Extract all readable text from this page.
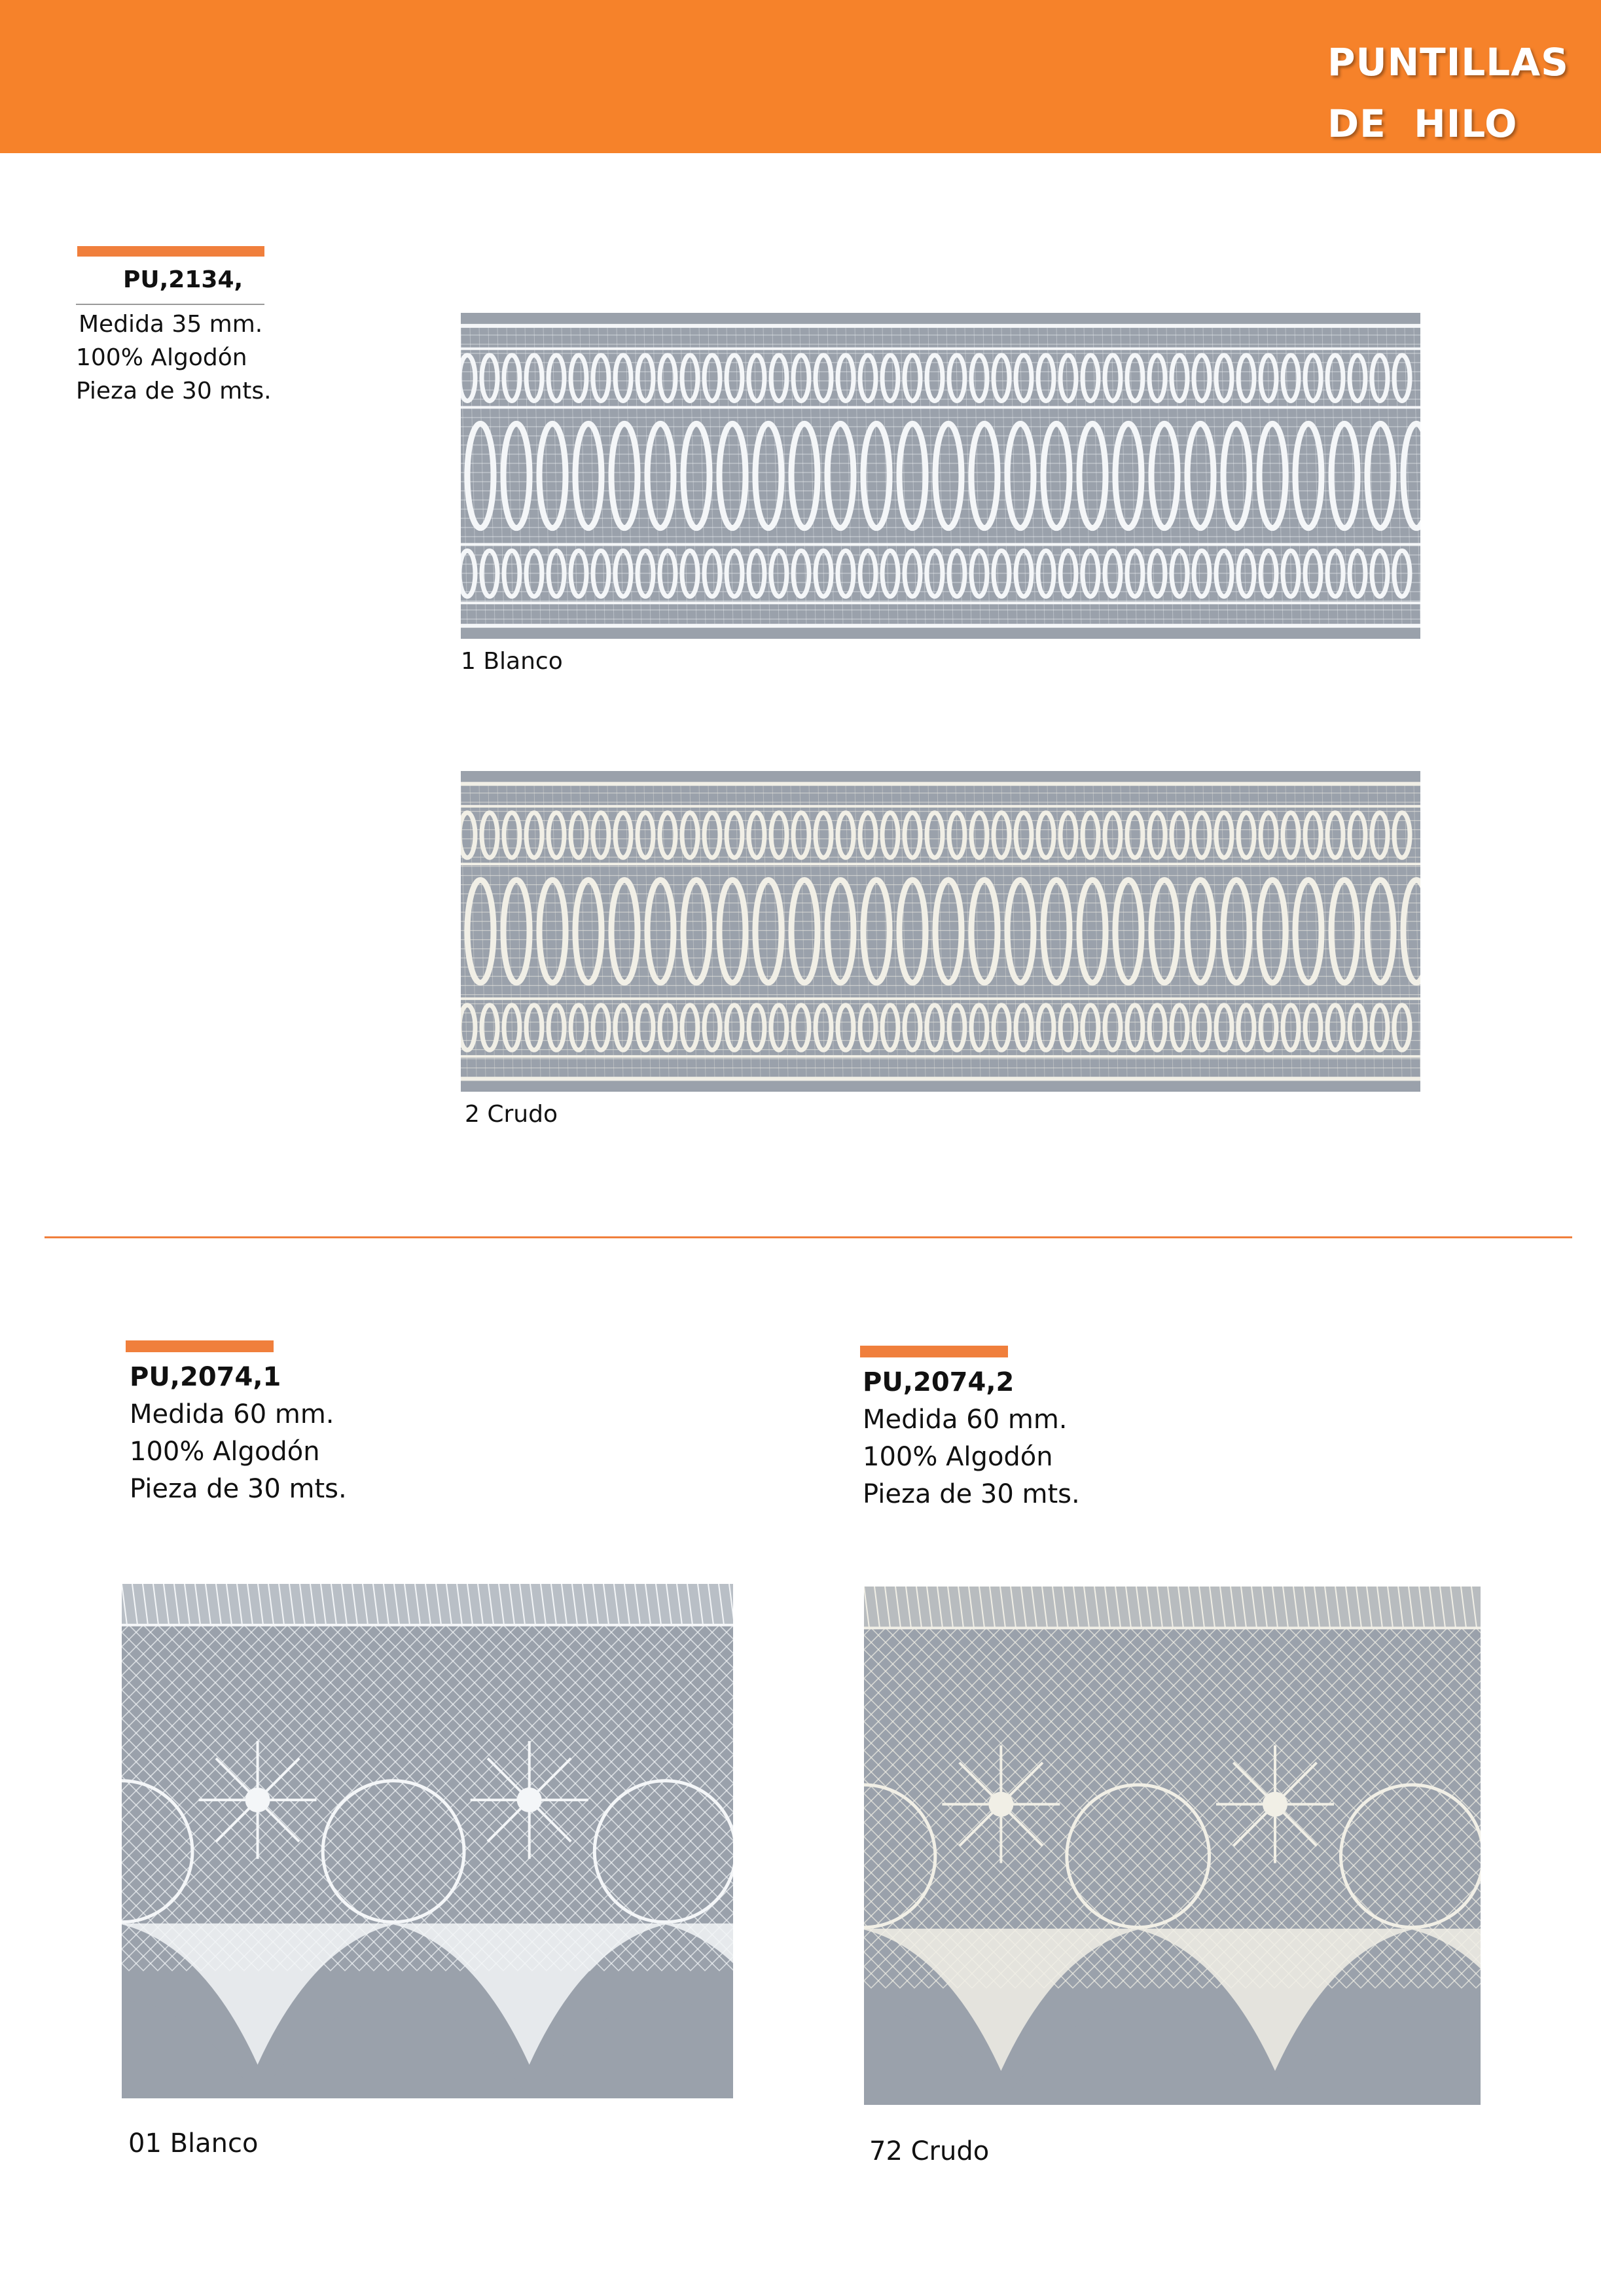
PUNTILLAS
DE  HILO
PU,2134,
Medida 35 mm.
100% Algodón
Pieza de 30 mts.
1 Blanco
2 Crudo
PU,2074,1
Medida 60 mm.
100% Algodón
Pieza de 30 mts.
01 Blanco
PU,2074,2
Medida 60 mm.
100% Algodón
Pieza de 30 mts.
72 Crudo
